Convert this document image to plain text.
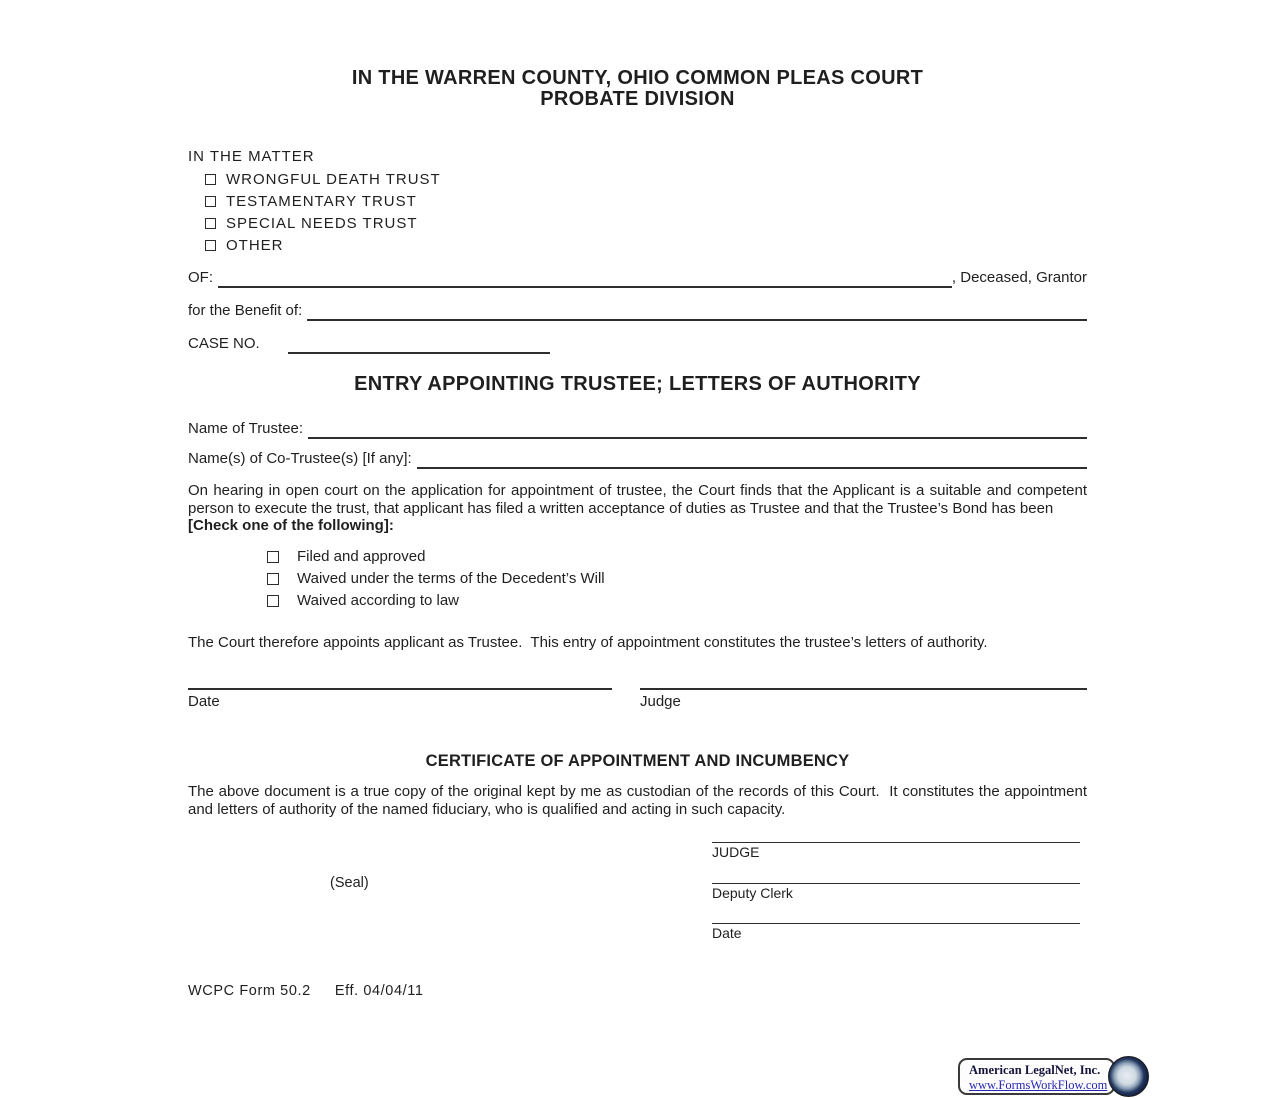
IN THE WARREN COUNTY, OHIO COMMON PLEAS COURT
PROBATE DIVISION
IN THE MATTER
WRONGFUL DEATH TRUST
TESTAMENTARY TRUST
SPECIAL NEEDS TRUST
OTHER
OF:	, Deceased, Grantor
for the Benefit of:
CASE NO.
ENTRY APPOINTING TRUSTEE; LETTERS OF AUTHORITY
Name of Trustee:
Name(s) of Co-Trustee(s) [If any]:
On hearing in open court on the application for appointment of trustee, the Court finds that the Applicant is a suitable and competent person to execute the trust, that applicant has filed a written acceptance of duties as Trustee and that the Trustee’s Bond has been
[Check one of the following]:
Filed and approved
Waived under the terms of the Decedent’s Will
Waived according to law
The Court therefore appoints applicant as Trustee.  This entry of appointment constitutes the trustee’s letters of authority.
Date	Judge
CERTIFICATE OF APPOINTMENT AND INCUMBENCY
The above document is a true copy of the original kept by me as custodian of the records of this Court.  It constitutes the appointment and letters of authority of the named fiduciary, who is qualified and acting in such capacity.
(Seal)
JUDGE
Deputy Clerk
Date
WCPC Form 50.2 Eff. 04/04/11
American LegalNet, Inc.
www.FormsWorkFlow.com
